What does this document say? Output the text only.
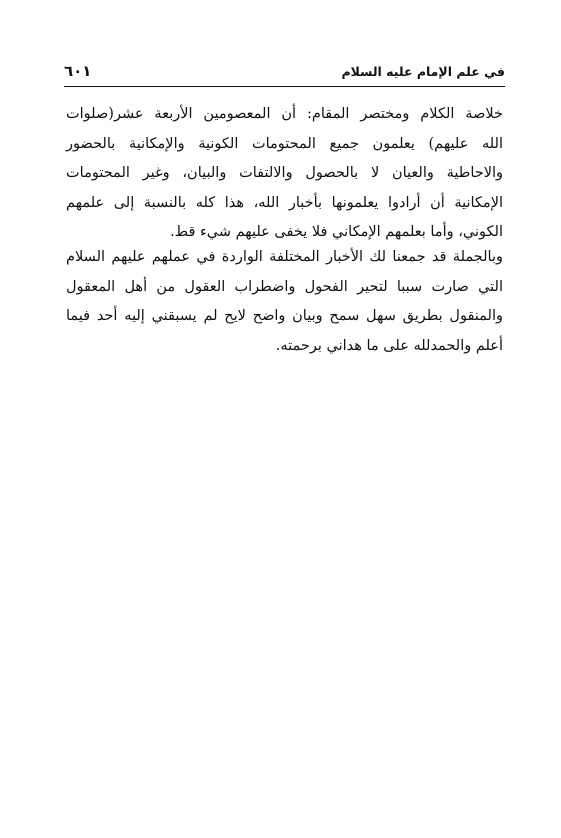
٦٠١	في علم الإمام عليه السلام
خلاصة الكلام ومختصر المقام: أن المعصومين الأربعة عشر(صلوات
الله عليهم) يعلمون جميع المحتومات الكونية والإمكانية بالحضور
والاحاطية والعيان لا بالحصول والالتفات والبيان، وغير المحتومات
الإمكانية أن أرادوا يعلمونها بأخبار الله، هذا كله بالنسبة إلى علمهم
الكوني، وأما بعلمهم الإمكاني فلا يخفى عليهم شيء قط.
وبالجملة قد جمعنا لك الأخبار المختلفة الواردة في عملهم عليهم السلام
التي صارت سببا لتحير الفحول واضطراب العقول من أهل المعقول
والمنقول بطريق سهل سمح وبيان واضح لايح لم يسبقني إليه أحد فيما
أعلم والحمدلله على ما هداني برحمته.
